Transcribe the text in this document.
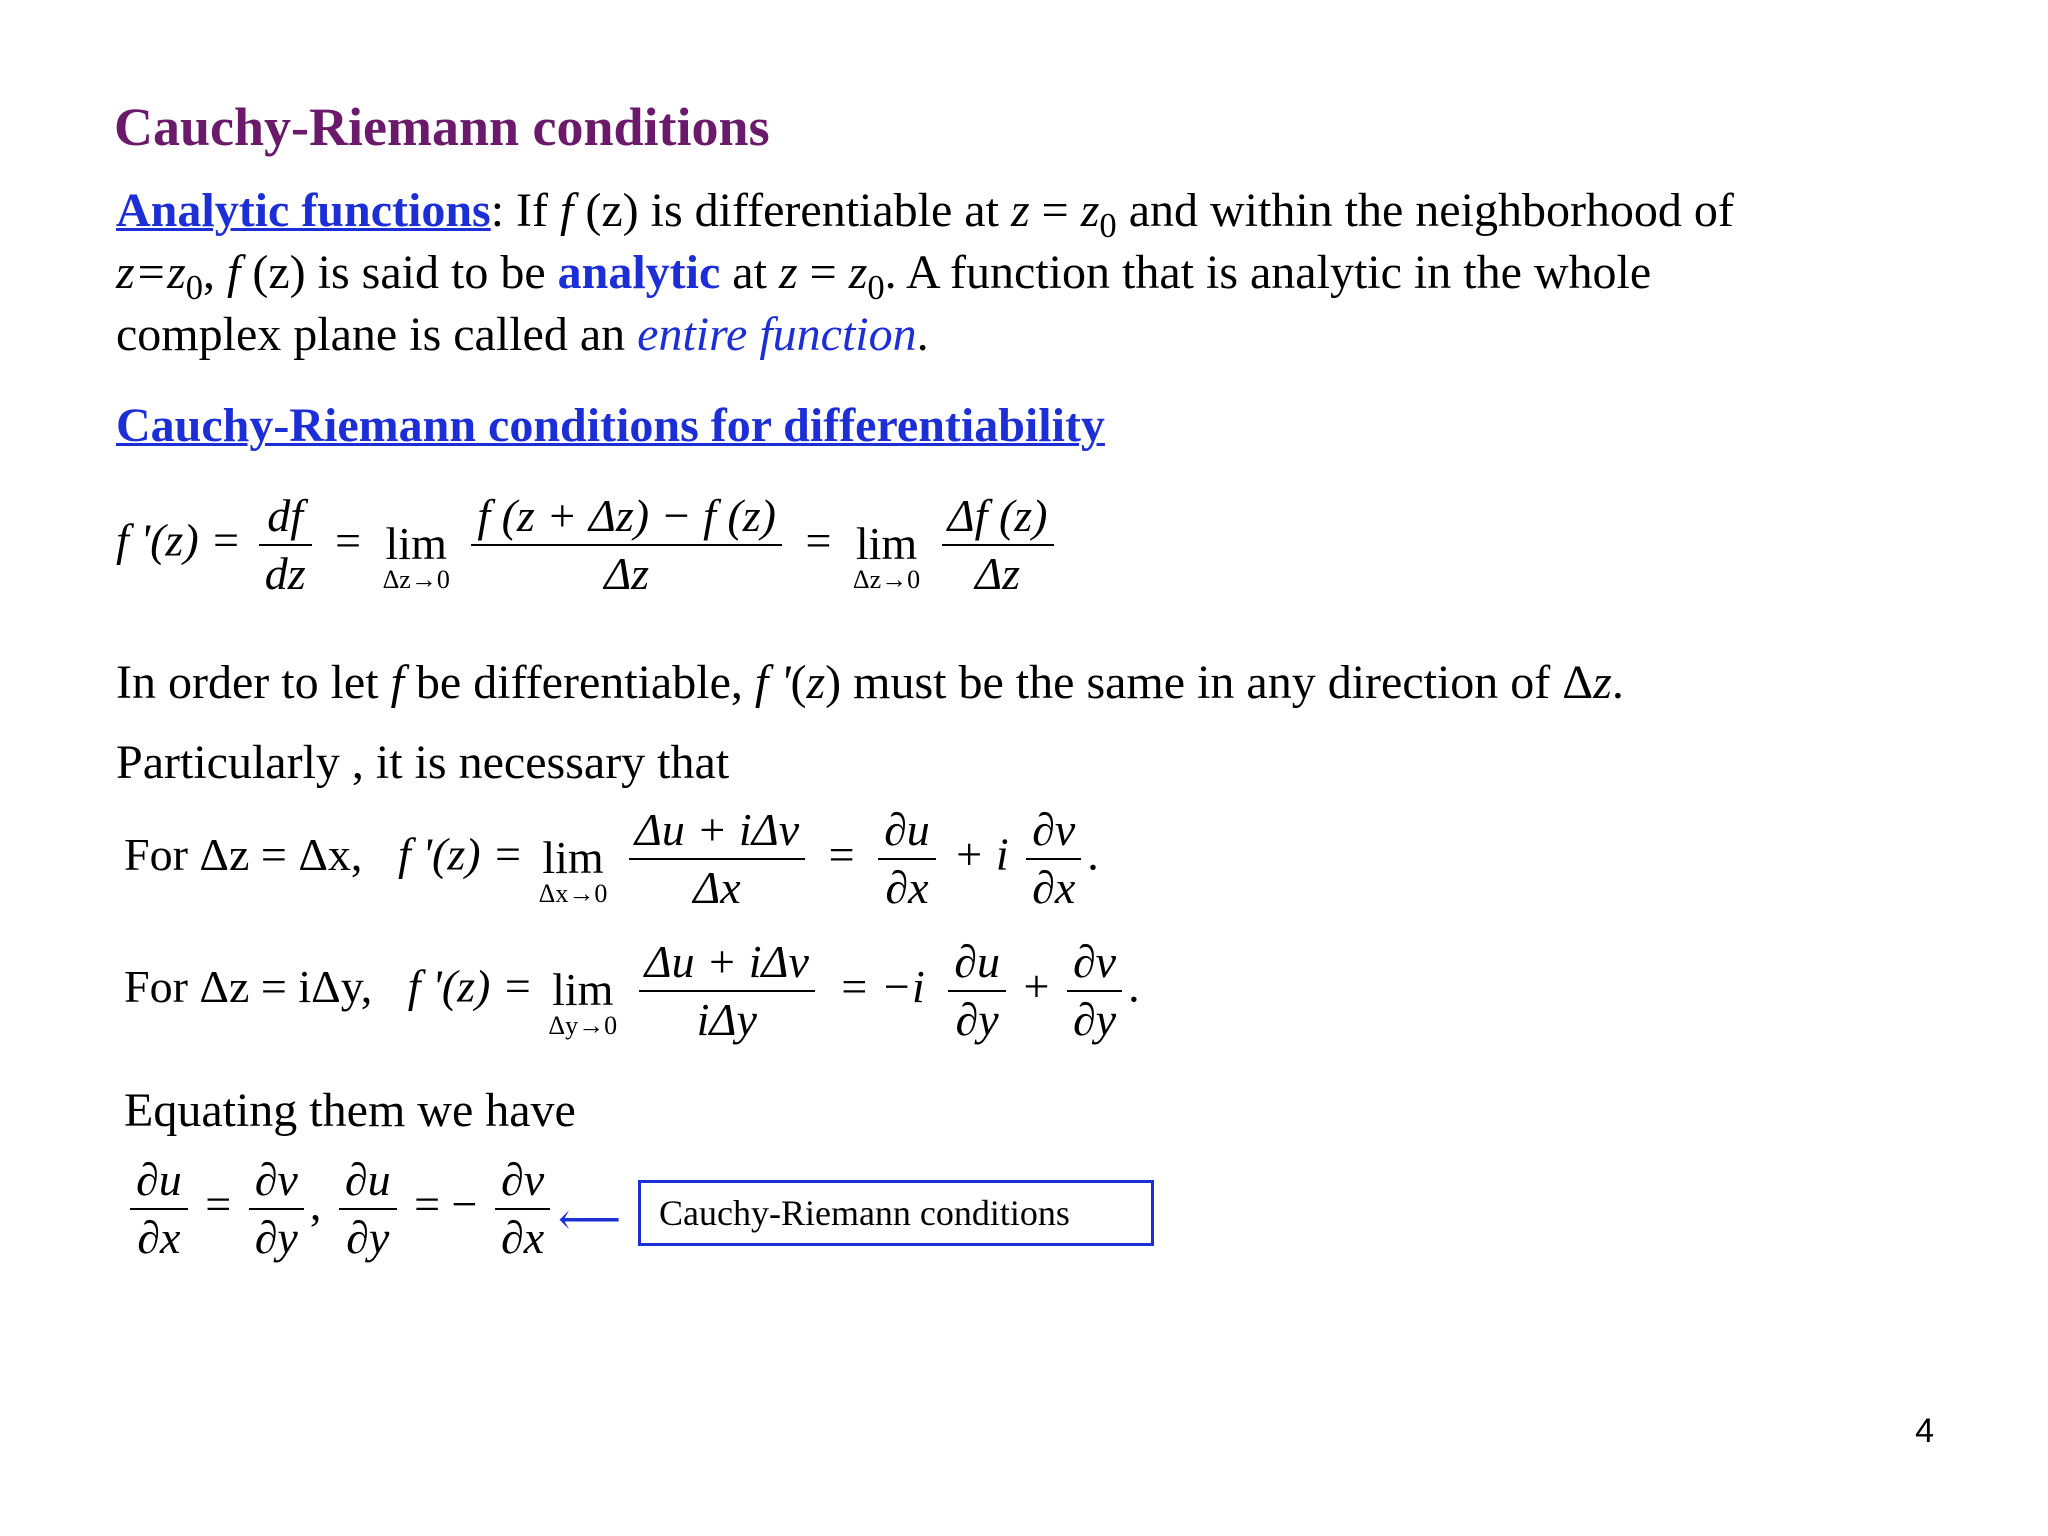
Cauchy-Riemann conditions
Analytic functions: If f (z) is differentiable at $z = z_0$ and within the neighborhood of
$z=z_0$, f (z) is said to be analytic at $z = z_0$. A function that is analytic in the whole
complex plane is called an entire function.
Cauchy-Riemann conditions for differentiability
f '$(z) = \frac{df}{dz} = \lim$
Δz→0
$\frac{f (z + \Delta z) - f (z)}{\Delta z} = \lim$
Δz→0
$\frac{\Delta f (z)}{\Delta z}$
In order to let f be differentiable, f '(z) must be the same in any direction of Δz.
Particularly , it is necessary that
For Δz = Δx, f '(z) = lim
Δx→0
$\frac{\text{Δu + iΔv}}{\Delta x} = \frac{\partial u}{\partial x} + i \frac{\partial v}{\partial x}$ .
For Δz = iΔy, f '(z) = lim
Δy→0
$\frac{\text{Δu + iΔv}}{\text{iΔy}} = -i \frac{\partial u}{\partial y} + \frac{\partial v}{\partial y}$ .
Equating them we have
$\frac{\partial u}{\partial x} = \frac{\partial v}{\partial y}$ , $\frac{\partial u}{\partial y}$ = − $\frac{\partial v}{\partial x}$ ⟵	Cauchy-Riemann conditions
4
